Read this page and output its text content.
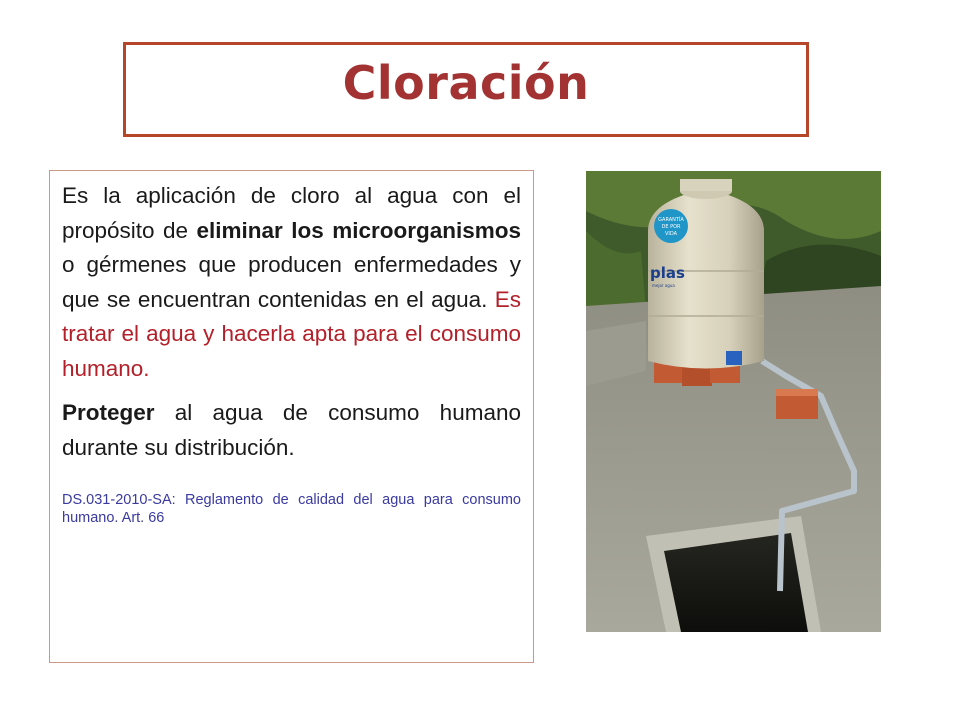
Cloración

Es la aplicación de cloro al agua con el propósito de eliminar los microorganismos o gérmenes que producen enfermedades y que se encuentran contenidas en el agua. Es tratar el agua y hacerla apta para el consumo humano.

Proteger al agua de consumo humano durante su distribución.

DS.031-2010-SA: Reglamento de calidad del agua para consumo humano. Art. 66

GARANTÍA
DE POR
VIDA
plas
mejor agua
